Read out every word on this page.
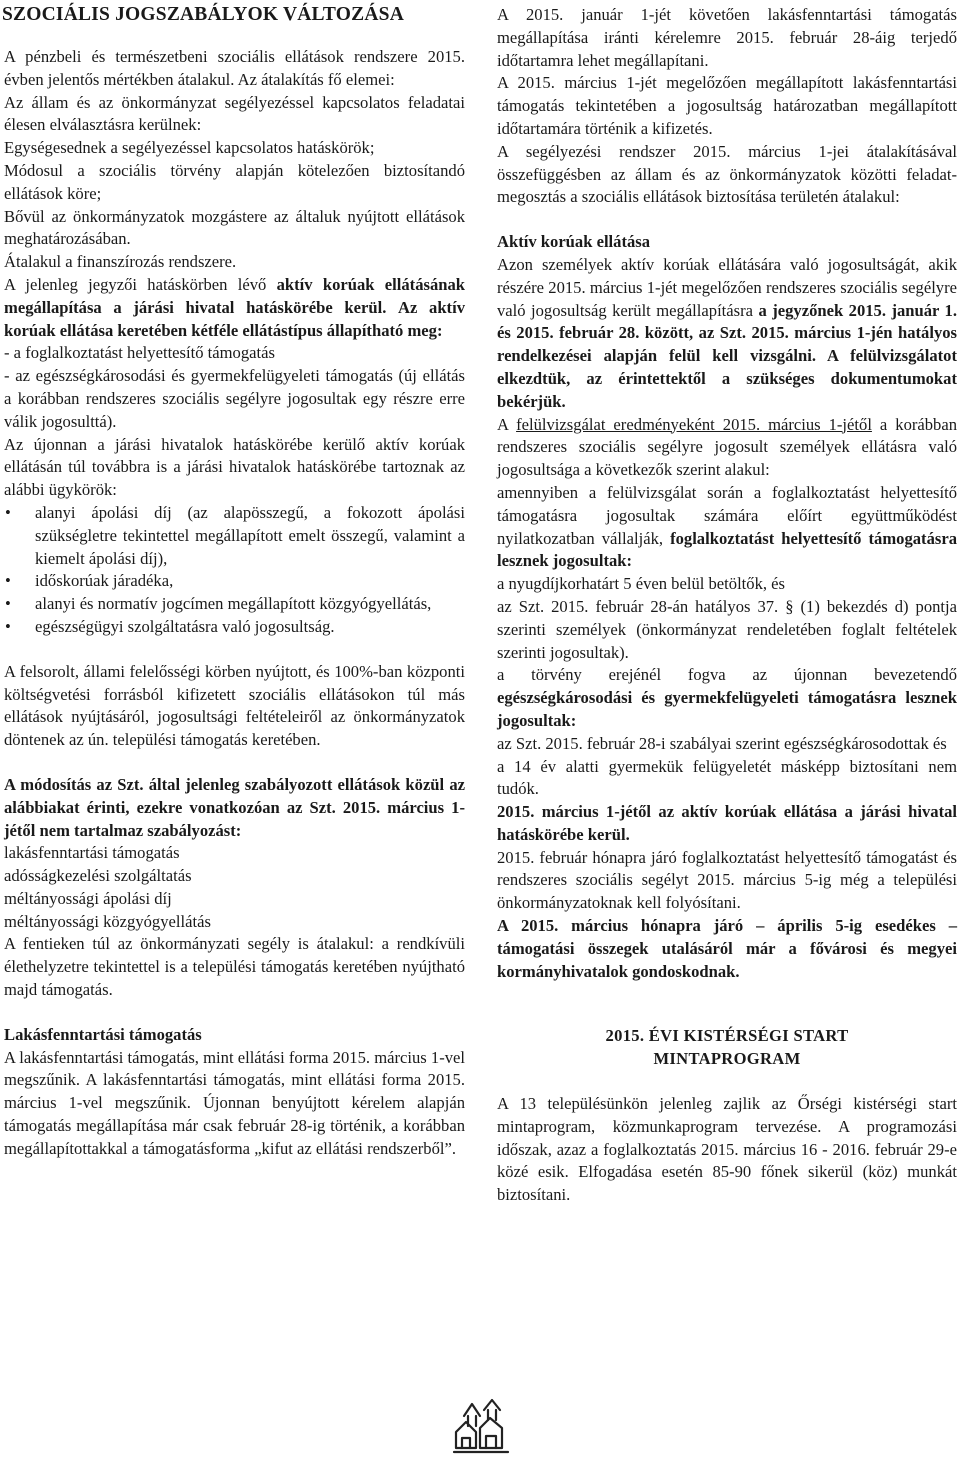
SZOCIÁLIS JOGSZABÁLYOK VÁLTOZÁSA

A pénzbeli és természetbeni szociális ellátások rendszere 2015. évben jelentős mértékben átalakul. Az átalakítás fő elemei:

Az állam és az önkormányzat segélyezéssel kapcsolatos feladatai élesen elválasztásra kerülnek:

Egységesednek a segélyezéssel kapcsolatos hatáskörök;

Módosul a szociális törvény alapján kötelezően biztosítandó ellátások köre;

Bővül az önkormányzatok mozgástere az általuk nyújtott ellátások meghatározásában.

Átalakul a finanszírozás rendszere.

A jelenleg jegyzői hatáskörben lévő aktív korúak ellátásának megállapítása a járási hivatal hatáskörébe kerül. Az aktív korúak ellátása keretében kétféle ellátástípus állapítható meg:

- a foglalkoztatást helyettesítő támogatás

- az egészségkárosodási és gyermekfelügyeleti támogatás (új ellátás a korábban rendszeres szociális segélyre jogosultak egy részre erre válik jogosulttá).

Az újonnan a járási hivatalok hatáskörébe kerülő aktív korúak ellátásán túl továbbra is a járási hivatalok hatáskörébe tartoznak az alábbi ügykörök:

• alanyi ápolási díj (az alapösszegű, a fokozott ápolási szükségletre tekintettel megállapított emelt összegű, valamint a kiemelt ápolási díj),

• időskorúak járadéka,

• alanyi és normatív jogcímen megállapított közgyógyellátás,

• egészségügyi szolgáltatásra való jogosultság.

A felsorolt, állami felelősségi körben nyújtott, és 100%-ban központi költségvetési forrásból kifizetett szociális ellátásokon túl más ellátások nyújtásáról, jogosultsági feltételeiről az önkormányzatok döntenek az ún. települési támogatás keretében.

A módosítás az Szt. által jelenleg szabályozott ellátások közül az alábbiakat érinti, ezekre vonatkozóan az Szt. 2015. március 1-jétől nem tartalmaz szabályozást:

lakásfenntartási támogatás

adósságkezelési szolgáltatás

méltányossági ápolási díj

méltányossági közgyógyellátás

A fentieken túl az önkormányzati segély is átalakul: a rendkívüli élethelyzetre tekintettel is a települési támogatás keretében nyújtható majd támogatás.

Lakásfenntartási támogatás

A lakásfenntartási támogatás, mint ellátási forma 2015. március 1-vel megszűnik. A lakásfenntartási támogatás, mint ellátási forma 2015. március 1-vel megszűnik. Újonnan benyújtott kérelem alapján támogatás megállapítása már csak február 28-ig történik, a korábban megállapítottakkal a támogatásforma „kifut az ellátási rendszerből”.

A 2015. január 1-jét követően lakásfenntartási támogatás megállapítása iránti kérelemre 2015. február 28-áig terjedő időtartamra lehet megállapítani.

A 2015. március 1-jét megelőzően megállapított lakásfenntartási támogatás tekintetében a jogosultság határozatban megállapított időtartamára történik a kifizetés.

A segélyezési rendszer 2015. március 1-jei átalakításával összefüggésben az állam és az önkormányzatok közötti feladat-megosztás a szociális ellátások biztosítása területén átalakul:

Aktív korúak ellátása

Azon személyek aktív korúak ellátására való jogosultságát, akik részére 2015. március 1-jét megelőzően rendszeres szociális segélyre való jogosultság került megállapításra a jegyzőnek 2015. január 1. és 2015. február 28. között, az Szt. 2015. március 1-jén hatályos rendelkezései alapján felül kell vizsgálni. A felülvizsgálatot elkezdtük, az érintettektől a szükséges dokumentumokat bekérjük.

A felülvizsgálat eredményeként 2015. március 1-jétől a korábban rendszeres szociális segélyre jogosult személyek ellátásra való jogosultsága a következők szerint alakul:

amennyiben a felülvizsgálat során a foglalkoztatást helyettesítő támogatásra jogosultak számára előírt együttműködést nyilatkozatban vállalják, foglalkoztatást helyettesítő támogatásra lesznek jogosultak:

a nyugdíjkorhatárt 5 éven belül betöltők, és

az Szt. 2015. február 28-án hatályos 37. § (1) bekezdés d) pontja szerinti személyek (önkormányzat rendeletében foglalt feltételek szerinti jogosultak).

a törvény erejénél fogva az újonnan bevezetendő egészségkárosodási és gyermekfelügyeleti támogatásra lesznek jogosultak:

az Szt. 2015. február 28-i szabályai szerint egészségkárosodottak és

a 14 év alatti gyermekük felügyeletét másképp biztosítani nem tudók.

2015. március 1-jétől az aktív korúak ellátása a járási hivatal hatáskörébe kerül.

2015. február hónapra járó foglalkoztatást helyettesítő támogatást és rendszeres szociális segélyt 2015. március 5-ig még a települési önkormányzatoknak kell folyósítani.

A 2015. március hónapra járó – április 5-ig esedékes – támogatási összegek utalásáról már a fővárosi és megyei kormányhivatalok gondoskodnak.

2015. ÉVI KISTÉRSÉGI START

MINTAPROGRAM

A 13 településünkön jelenleg zajlik az Őrségi kistérségi start mintaprogram, közmunkaprogram tervezése. A programozási időszak, azaz a foglalkoztatás 2015. március 16 - 2016. február 29-e közé esik. Elfogadása esetén 85-90 főnek sikerül (köz) munkát biztosítani.
